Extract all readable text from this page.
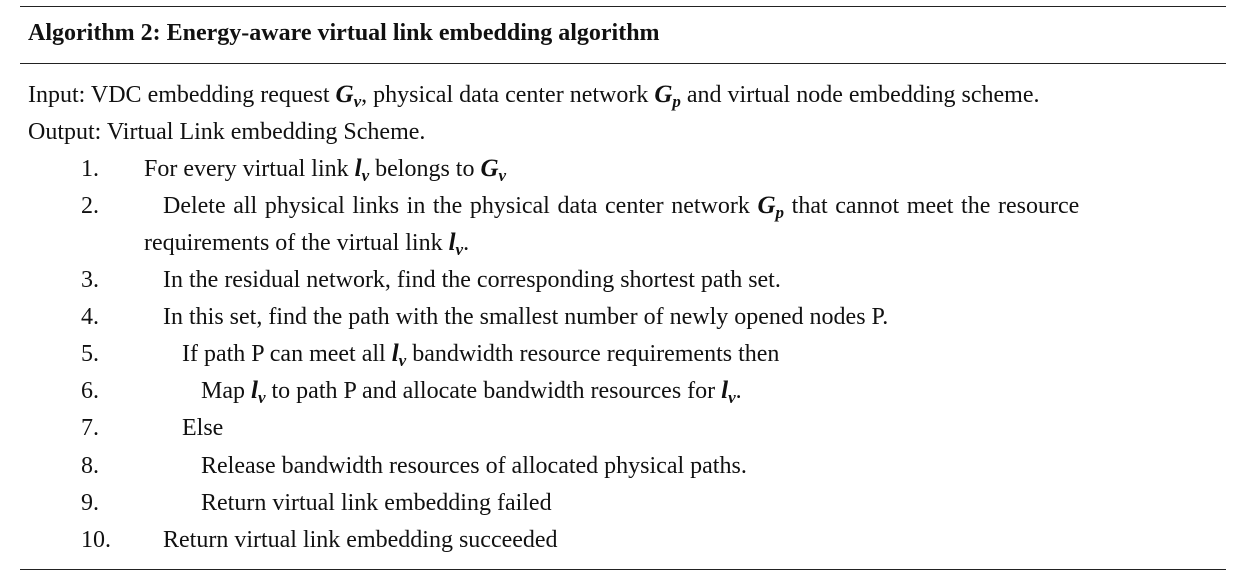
Algorithm 2: Energy-aware virtual link embedding algorithm
Input: VDC embedding request $G_v$, physical data center network $G_p$ and virtual node embedding scheme.
Output: Virtual Link embedding Scheme.
1. For every virtual link $l_v$ belongs to $G_v$
2.	Delete all physical links in the physical data center network $G_p$ that cannot meet the resource
requirements of the virtual link $l_v$.
3.	In the residual network, find the corresponding shortest path set.
4.	In this set, find the path with the smallest number of newly opened nodes P.
5.	If path P can meet all $l_v$ bandwidth resource requirements then
6.	Map $l_v$ to path P and allocate bandwidth resources for $l_v$.
7.	Else
8.	Release bandwidth resources of allocated physical paths.
9.	Return virtual link embedding failed
10. Return virtual link embedding succeeded
